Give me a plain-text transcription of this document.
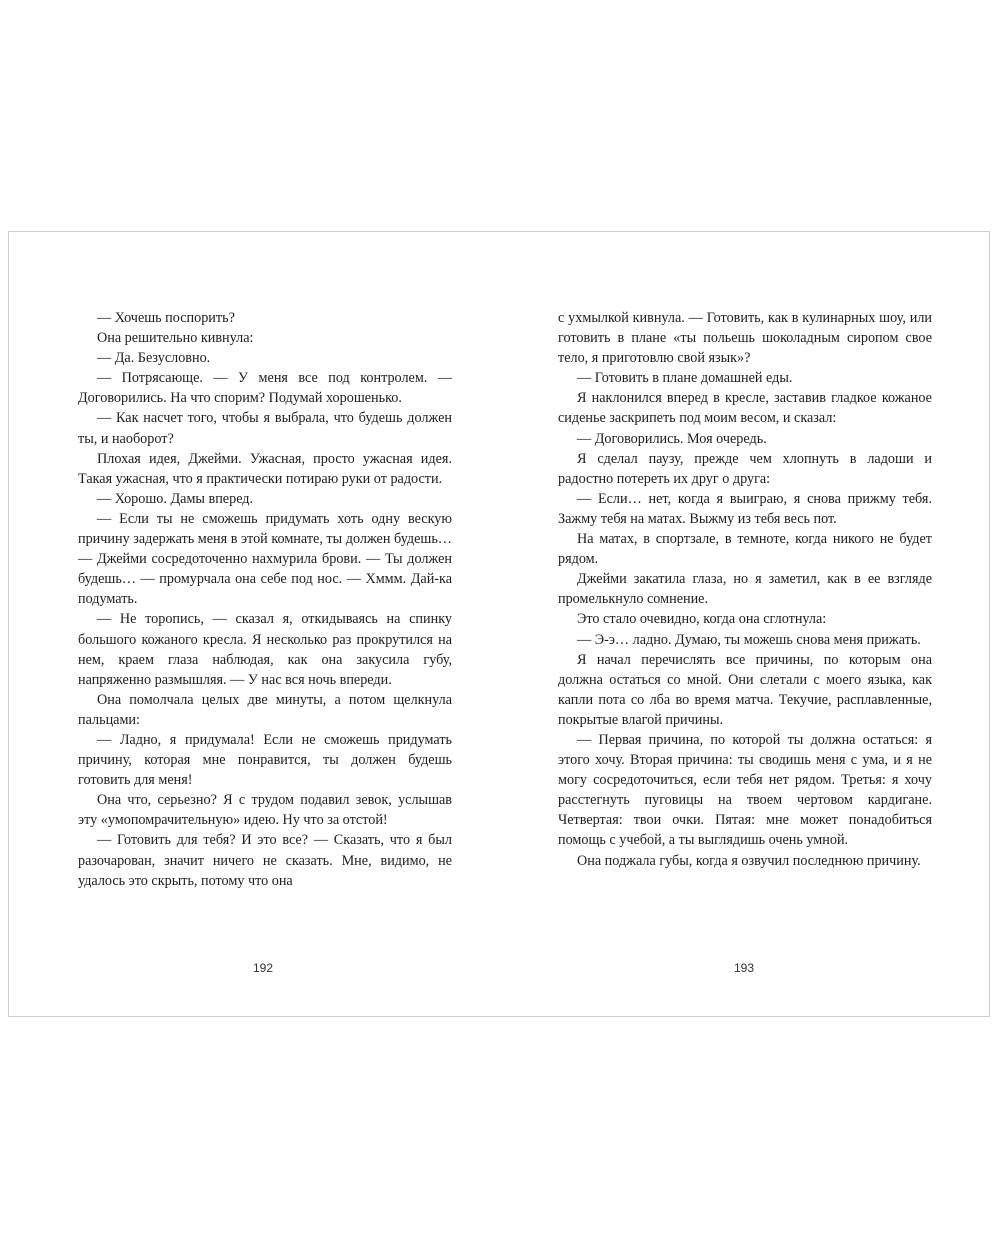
— Хочешь поспорить?

Она решительно кивнула:

— Да. Безусловно.

— Потрясающе. — У меня все под контролем. — Договорились. На что спорим? Подумай хорошенько.

— Как насчет того, чтобы я выбрала, что будешь должен ты, и наоборот?

Плохая идея, Джейми. Ужасная, просто ужасная идея. Такая ужасная, что я практически потираю руки от радости.

— Хорошо. Дамы вперед.

— Если ты не сможешь придумать хоть одну вескую причину задержать меня в этой комнате, ты должен будешь… — Джейми сосредоточенно нахмурила брови. — Ты должен будешь… — промурчала она себе под нос. — Хммм. Дай-ка подумать.

— Не торопись, — сказал я, откидываясь на спинку большого кожаного кресла. Я несколько раз прокрутился на нем, краем глаза наблюдая, как она закусила губу, напряженно размышляя. — У нас вся ночь впереди.

Она помолчала целых две минуты, а потом щелкнула пальцами:

— Ладно, я придумала! Если не сможешь придумать причину, которая мне понравится, ты должен будешь готовить для меня!

Она что, серьезно? Я с трудом подавил зевок, услышав эту «умопомрачительную» идею. Ну что за отстой!

— Готовить для тебя? И это все? — Сказать, что я был разочарован, значит ничего не сказать. Мне, видимо, не удалось это скрыть, потому что она

192

с ухмылкой кивнула. — Готовить, как в кулинарных шоу, или готовить в плане «ты польешь шоколадным сиропом свое тело, я приготовлю свой язык»?

— Готовить в плане домашней еды.

Я наклонился вперед в кресле, заставив гладкое кожаное сиденье заскрипеть под моим весом, и сказал:

— Договорились. Моя очередь.

Я сделал паузу, прежде чем хлопнуть в ладоши и радостно потереть их друг о друга:

— Если… нет, когда я выиграю, я снова прижму тебя. Зажму тебя на матах. Выжму из тебя весь пот.

На матах, в спортзале, в темноте, когда никого не будет рядом.

Джейми закатила глаза, но я заметил, как в ее взгляде промелькнуло сомнение.

Это стало очевидно, когда она сглотнула:

— Э-э… ладно. Думаю, ты можешь снова меня прижать.

Я начал перечислять все причины, по которым она должна остаться со мной. Они слетали с моего языка, как капли пота со лба во время матча. Текучие, расплавленные, покрытые влагой причины.

— Первая причина, по которой ты должна остаться: я этого хочу. Вторая причина: ты сводишь меня с ума, и я не могу сосредоточиться, если тебя нет рядом. Третья: я хочу расстегнуть пуговицы на твоем чертовом кардигане. Четвертая: твои очки. Пятая: мне может понадобиться помощь с учебой, а ты выглядишь очень умной.

Она поджала губы, когда я озвучил последнюю причину.

193
